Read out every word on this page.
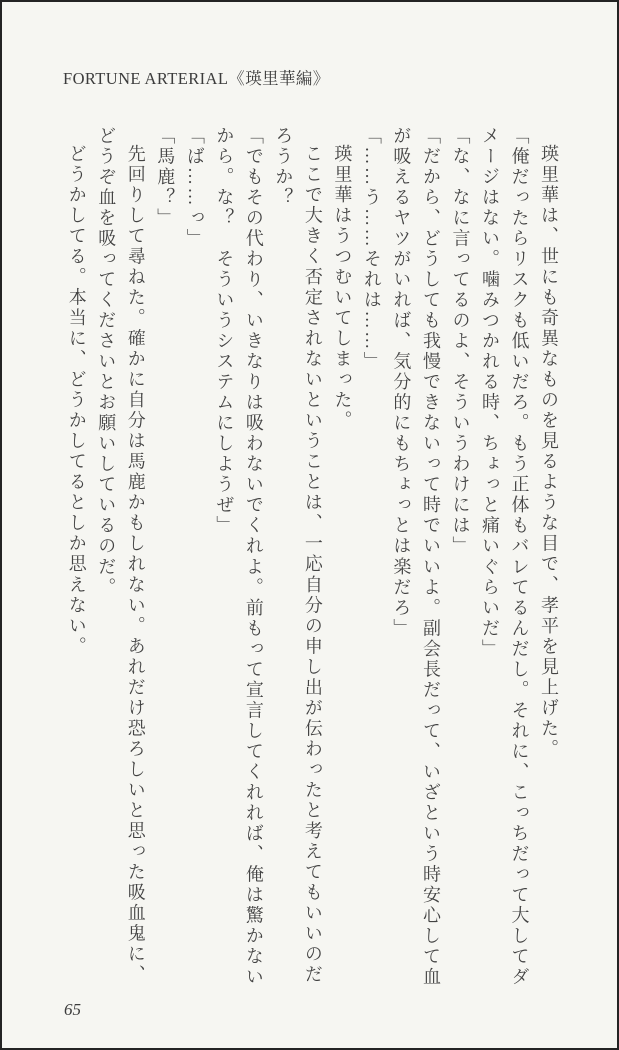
FORTUNE ARTERIAL《瑛里華編》

瑛里華は、世にも奇異なものを見るような目で、孝平を見上げた。

「俺だったらリスクも低いだろ。もう正体もバレてるんだし。それに、こっちだって大してダメージはない。噛みつかれる時、ちょっと痛いぐらいだ」

「な、なに言ってるのよ、そういうわけには」

「だから、どうしても我慢できないって時でいいよ。副会長だって、いざという時安心して血が吸えるヤツがいれば、気分的にもちょっとは楽だろ」

「……う……それは……」

瑛里華はうつむいてしまった。

ここで大きく否定されないということは、一応自分の申し出が伝わったと考えてもいいのだろうか？

「でもその代わり、いきなりは吸わないでくれよ。前もって宣言してくれれば、俺は驚かないから。な？　そういうシステムにしようぜ」

「ば……っ」

「馬鹿？」

先回りして尋ねた。確かに自分は馬鹿かもしれない。あれだけ恐ろしいと思った吸血鬼に、どうぞ血を吸ってくださいとお願いしているのだ。

どうかしてる。本当に、どうかしてるとしか思えない。

65
